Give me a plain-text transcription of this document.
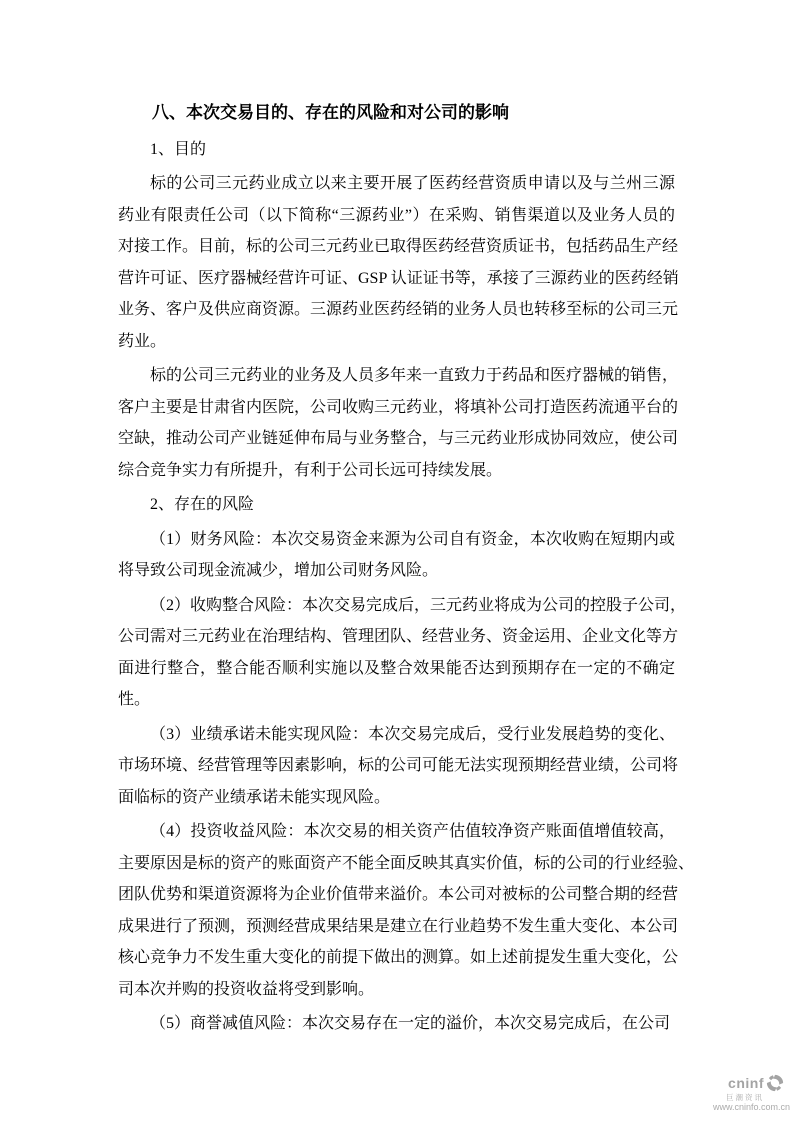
八、本次交易目的、存在的风险和对公司的影响
1、目的
标的公司三元药业成立以来主要开展了医药经营资质申请以及与兰州三源
药业有限责任公司（以下简称“三源药业”）在采购、销售渠道以及业务人员的
对接工作。目前，标的公司三元药业已取得医药经营资质证书，包括药品生产经
营许可证、医疗器械经营许可证、GSP 认证证书等，承接了三源药业的医药经销
业务、客户及供应商资源。三源药业医药经销的业务人员也转移至标的公司三元
药业。
标的公司三元药业的业务及人员多年来一直致力于药品和医疗器械的销售，
客户主要是甘肃省内医院，公司收购三元药业，将填补公司打造医药流通平台的
空缺，推动公司产业链延伸布局与业务整合，与三元药业形成协同效应，使公司
综合竞争实力有所提升，有利于公司长远可持续发展。
2、存在的风险
（1）财务风险：本次交易资金来源为公司自有资金，本次收购在短期内或
将导致公司现金流减少，增加公司财务风险。
（2）收购整合风险：本次交易完成后，三元药业将成为公司的控股子公司，
公司需对三元药业在治理结构、管理团队、经营业务、资金运用、企业文化等方
面进行整合，整合能否顺利实施以及整合效果能否达到预期存在一定的不确定性。
（3）业绩承诺未能实现风险：本次交易完成后，受行业发展趋势的变化、
市场环境、经营管理等因素影响，标的公司可能无法实现预期经营业绩，公司将
面临标的资产业绩承诺未能实现风险。
（4）投资收益风险：本次交易的相关资产估值较净资产账面值增值较高，
主要原因是标的资产的账面资产不能全面反映其真实价值，标的公司的行业经验、
团队优势和渠道资源将为企业价值带来溢价。本公司对被标的公司整合期的经营
成果进行了预测，预测经营成果结果是建立在行业趋势不发生重大变化、本公司
核心竞争力不发生重大变化的前提下做出的测算。如上述前提发生重大变化，公
司本次并购的投资收益将受到影响。
（5）商誉减值风险：本次交易存在一定的溢价，本次交易完成后，在公司
cninf
巨潮资讯
www.cninfo.com.cn
